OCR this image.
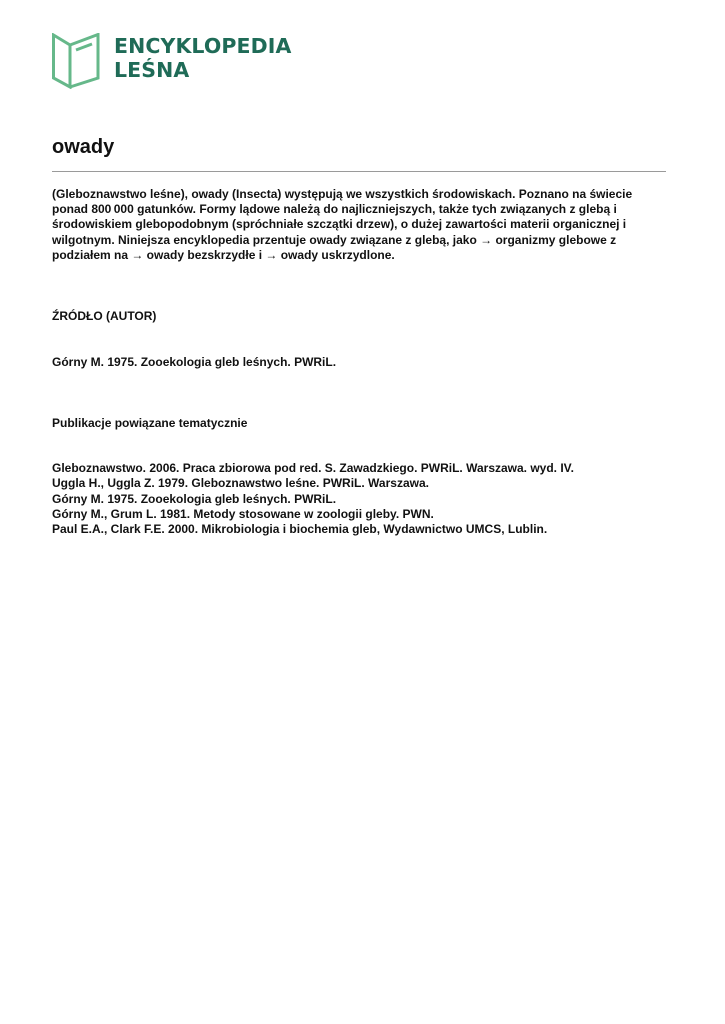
ENCYKLOPEDIA
LEŚNA
owady

(Gleboznawstwo leśne), owady (Insecta) występują we wszystkich środowiskach. Poznano na świecie ponad 800 000 gatunków. Formy lądowe należą do najliczniejszych, także tych związanych z glebą i środowiskiem glebopodobnym (spróchniałe szczątki drzew), o dużej zawartości materii organicznej i wilgotnym. Niniejsza encyklopedia przentuje owady związane z glebą, jako → organizmy glebowe z podziałem na → owady bezskrzydłe i → owady uskrzydlone.

ŹRÓDŁO (AUTOR)

Górny M. 1975. Zooekologia gleb leśnych. PWRiL.

Publikacje powiązane tematycznie

Gleboznawstwo. 2006. Praca zbiorowa pod red. S. Zawadzkiego. PWRiL. Warszawa. wyd. IV.
Uggla H., Uggla Z. 1979. Gleboznawstwo leśne. PWRiL. Warszawa.
Górny M. 1975. Zooekologia gleb leśnych. PWRiL.
Górny M., Grum L. 1981. Metody stosowane w zoologii gleby. PWN.
Paul E.A., Clark F.E. 2000. Mikrobiologia i biochemia gleb, Wydawnictwo UMCS, Lublin.
